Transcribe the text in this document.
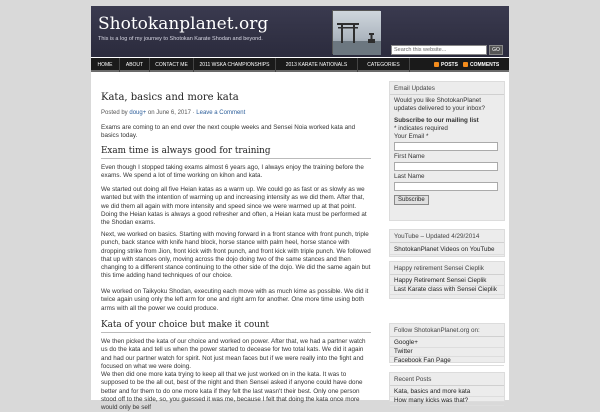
Shotokanplanet.org
This is a log of my journey to Shotokan Karate Shodan and beyond.
Search this website...	GO
HOME	ABOUT	CONTACT ME	2011 WSKA CHAMPIONSHIPS	2013 KARATE NATIONALS	CATEGORIES	POSTS	COMMENTS
Kata, basics and more kata
Posted by doug+ on June 6, 2017 · Leave a Comment
Exams are coming to an end over the next couple weeks and Sensei Noia worked kata and basics today.
Exam time is always good for training
Even though I stopped taking exams almost 6 years ago, I always enjoy the training before the exams. We spend a lot of time working on kihon and kata.
We started out doing all five Heian katas as a warm up. We could go as fast or as slowly as we wanted but with the intention of warming up and increasing intensity as we did them. After that, we did them all again with more intensity and speed since we were warmed up at that point. Doing the Heian katas is always a good refresher and often, a Heian kata must be performed at the Shodan exams.
Next, we worked on basics. Starting with moving forward in a front stance with front punch, triple punch, back stance with knife hand block, horse stance with palm heel, horse stance with dropping strike from Jion, front kick with front punch, and front kick with triple punch. We followed that up with stances only, moving across the dojo doing two of the same stances and then changing to a different stance continuing to the other side of the dojo. We did the same again but this time adding hand techniques of our choice.
We worked on Taikyoku Shodan, executing each move with as much kime as possible. We did it twice again using only the left arm for one and right arm for another. One more time using both arms with all the power we could produce.
Kata of your choice but make it count
We then picked the kata of our choice and worked on power. After that, we had a partner watch us do the kata and tell us when the power started to decease for two total kats. We did it again and had our partner watch for spirit. Not just mean faces but if we were really into the fight and focused on what we were doing.
We then did one more kata trying to keep all that we just worked on in the kata. It was to supposed to be the all out, best of the night and then Sensei asked if anyone could have done better and for them to do one more kata if they felt the last wasn't their best. Only one person stood off to the side, so, you guessed it was me, because I felt that doing the kata once more would only be self
Email Updates
Would you like ShotokanPlanet updates delivered to your inbox?
Subscribe to our mailing list
* indicates required
Your Email *
First Name
Last Name
Subscribe
YouTube – Updated 4/29/2014
ShotokanPlanet Videos on YouTube
Happy retirement Sensei Cieplik
Happy Retirement Sensei Cieplik
Last Karate class with Sensei Cieplik
Follow ShotokanPlanet.org on:
Google+
Twitter
Facebook Fan Page
Recent Posts
Kata, basics and more kata
How many kicks was that?
